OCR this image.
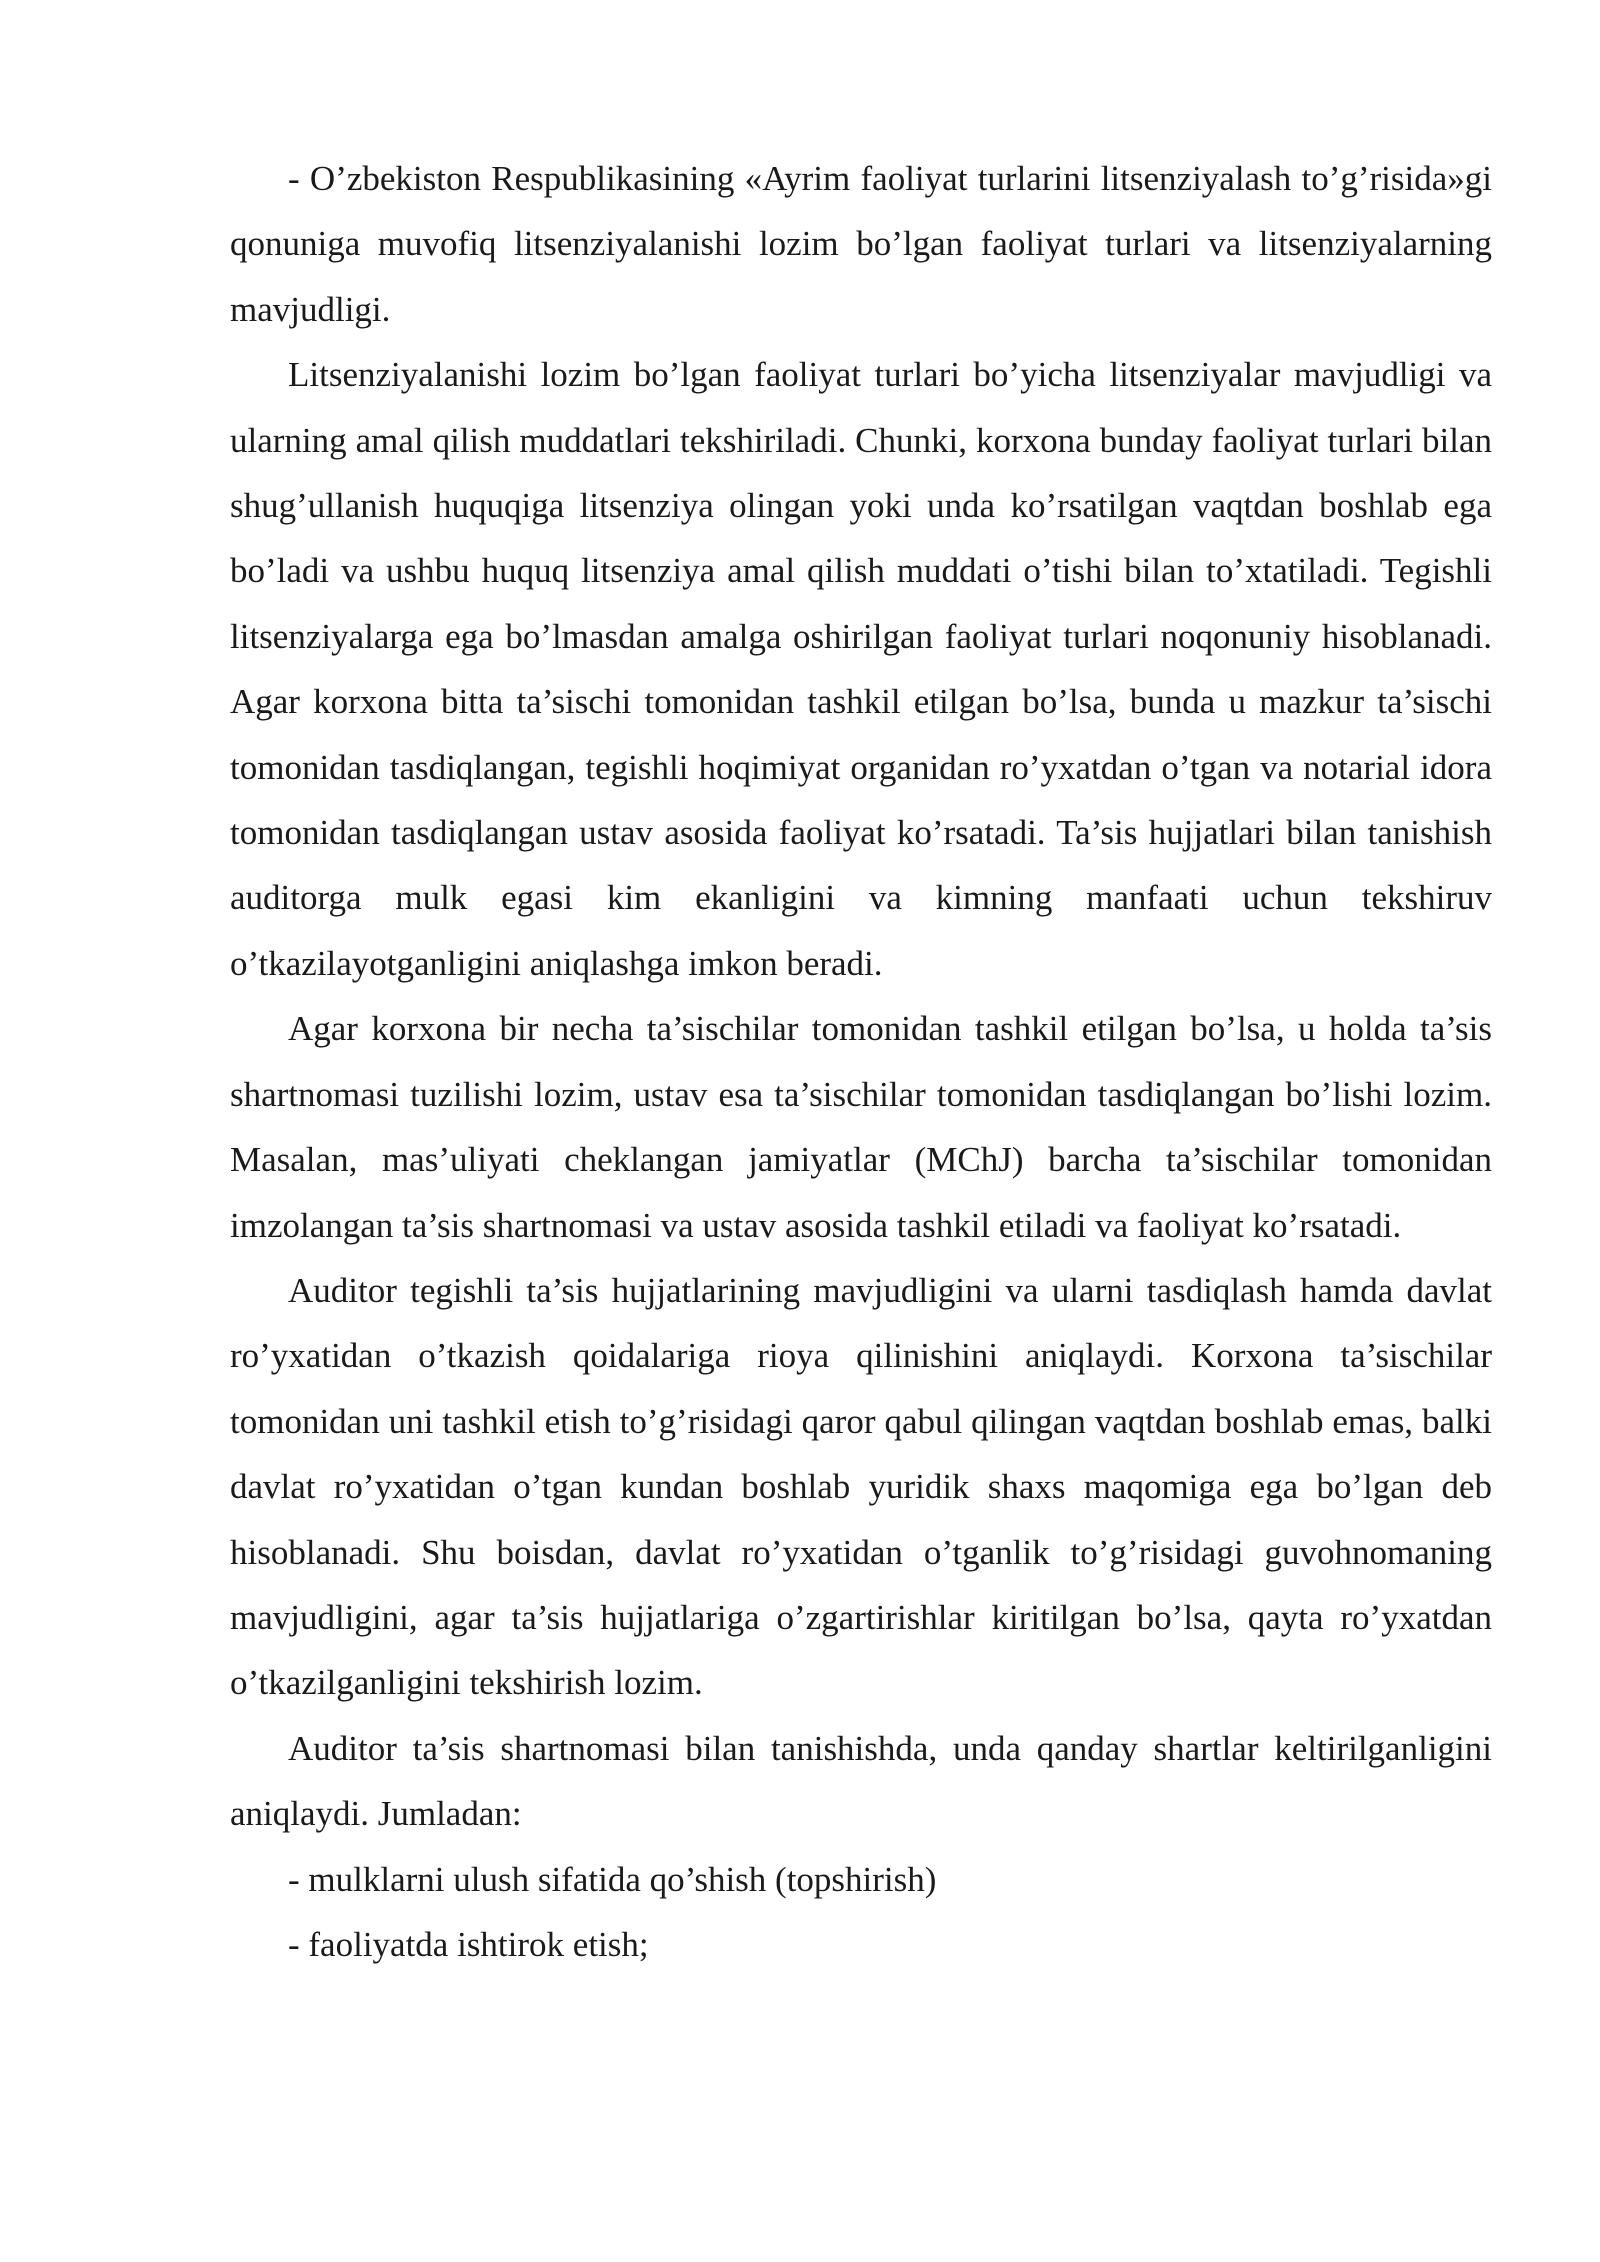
- O’zbekiston Respublikasining «Ayrim faoliyat turlarini litsenziyalash to’g’risida»gi qonuniga muvofiq litsenziyalanishi lozim bo’lgan faoliyat turlari va litsenziyalarning mavjudligi.

Litsenziyalanishi lozim bo’lgan faoliyat turlari bo’yicha litsenziyalar mavjudligi va ularning amal qilish muddatlari tekshiriladi. Chunki, korxona bunday faoliyat turlari bilan shug’ullanish huquqiga litsenziya olingan yoki unda ko’rsatilgan vaqtdan boshlab ega bo’ladi va ushbu huquq litsenziya amal qilish muddati o’tishi bilan to’xtatiladi. Tegishli litsenziyalarga ega bo’lmasdan amalga oshirilgan faoliyat turlari noqonuniy hisoblanadi. Agar korxona bitta ta’sischi tomonidan tashkil etilgan bo’lsa, bunda u mazkur ta’sischi tomonidan tasdiqlangan, tegishli hoqimiyat organidan ro’yxatdan o’tgan va notarial idora tomonidan tasdiqlangan ustav asosida faoliyat ko’rsatadi. Ta’sis hujjatlari bilan tanishish auditorga mulk egasi kim ekanligini va kimning manfaati uchun tekshiruv o’tkazilayotganligini aniqlashga imkon beradi.

Agar korxona bir necha ta’sischilar tomonidan tashkil etilgan bo’lsa, u holda ta’sis shartnomasi tuzilishi lozim, ustav esa ta’sischilar tomonidan tasdiqlangan bo’lishi lozim. Masalan, mas’uliyati cheklangan jamiyatlar (MChJ) barcha ta’sischilar tomonidan imzolangan ta’sis shartnomasi va ustav asosida tashkil etiladi va faoliyat ko’rsatadi.

Auditor tegishli ta’sis hujjatlarining mavjudligini va ularni tasdiqlash hamda davlat ro’yxatidan o’tkazish qoidalariga rioya qilinishini aniqlaydi. Korxona ta’sischilar tomonidan uni tashkil etish to’g’risidagi qaror qabul qilingan vaqtdan boshlab emas, balki davlat ro’yxatidan o’tgan kundan boshlab yuridik shaxs maqomiga ega bo’lgan deb hisoblanadi. Shu boisdan, davlat ro’yxatidan o’tganlik to’g’risidagi guvohnomaning mavjudligini, agar ta’sis hujjatlariga o’zgartirishlar kiritilgan bo’lsa, qayta ro’yxatdan o’tkazilganligini tekshirish lozim.

Auditor ta’sis shartnomasi bilan tanishishda, unda qanday shartlar keltirilganligini aniqlaydi. Jumladan:

- mulklarni ulush sifatida qo’shish (topshirish)

- faoliyatda ishtirok etish;
